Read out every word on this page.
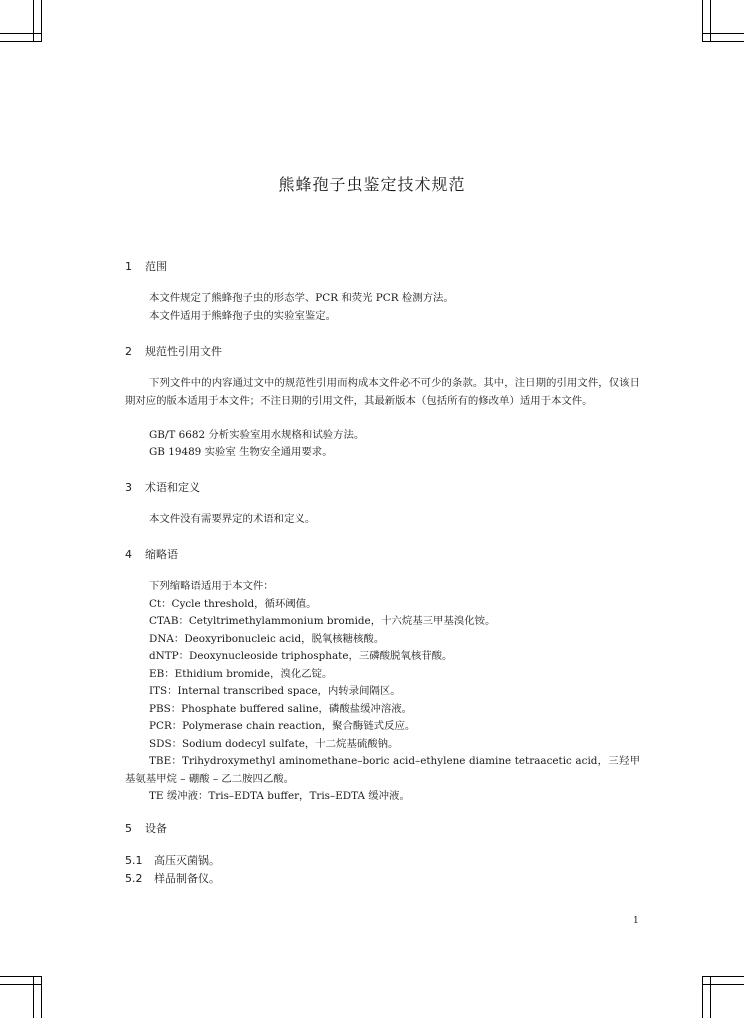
熊蜂孢子虫鉴定技术规范
1 范围

本文件规定了熊蜂孢子虫的形态学、PCR 和荧光 PCR 检测方法。

本文件适用于熊蜂孢子虫的实验室鉴定。

2 规范性引用文件

下列文件中的内容通过文中的规范性引用而构成本文件必不可少的条款。其中，注日期的引用文件，仅该日期对应的版本适用于本文件；不注日期的引用文件，其最新版本（包括所有的修改单）适用于本文件。

GB/T 6682 分析实验室用水规格和试验方法。

GB 19489 实验室 生物安全通用要求。

3 术语和定义

本文件没有需要界定的术语和定义。

4 缩略语

下列缩略语适用于本文件：

Ct：Cycle threshold，循环阈值。

CTAB：Cetyltrimethylammonium bromide，十六烷基三甲基溴化铵。

DNA：Deoxyribonucleic acid，脱氧核糖核酸。

dNTP：Deoxynucleoside triphosphate，三磷酸脱氧核苷酸。

EB：Ethidium bromide，溴化乙锭。

ITS：Internal transcribed space，内转录间隔区。

PBS：Phosphate buffered saline，磷酸盐缓冲溶液。

PCR：Polymerase chain reaction，聚合酶链式反应。

SDS：Sodium dodecyl sulfate，十二烷基硫酸钠。

TBE：Trihydroxymethyl aminomethane–boric acid–ethylene diamine tetraacetic acid，三羟甲基氨基甲烷 – 硼酸 – 乙二胺四乙酸。

TE 缓冲液：Tris–EDTA buffer，Tris–EDTA 缓冲液。

5 设备
5.1 高压灭菌锅。
5.2 样品制备仪。
1
